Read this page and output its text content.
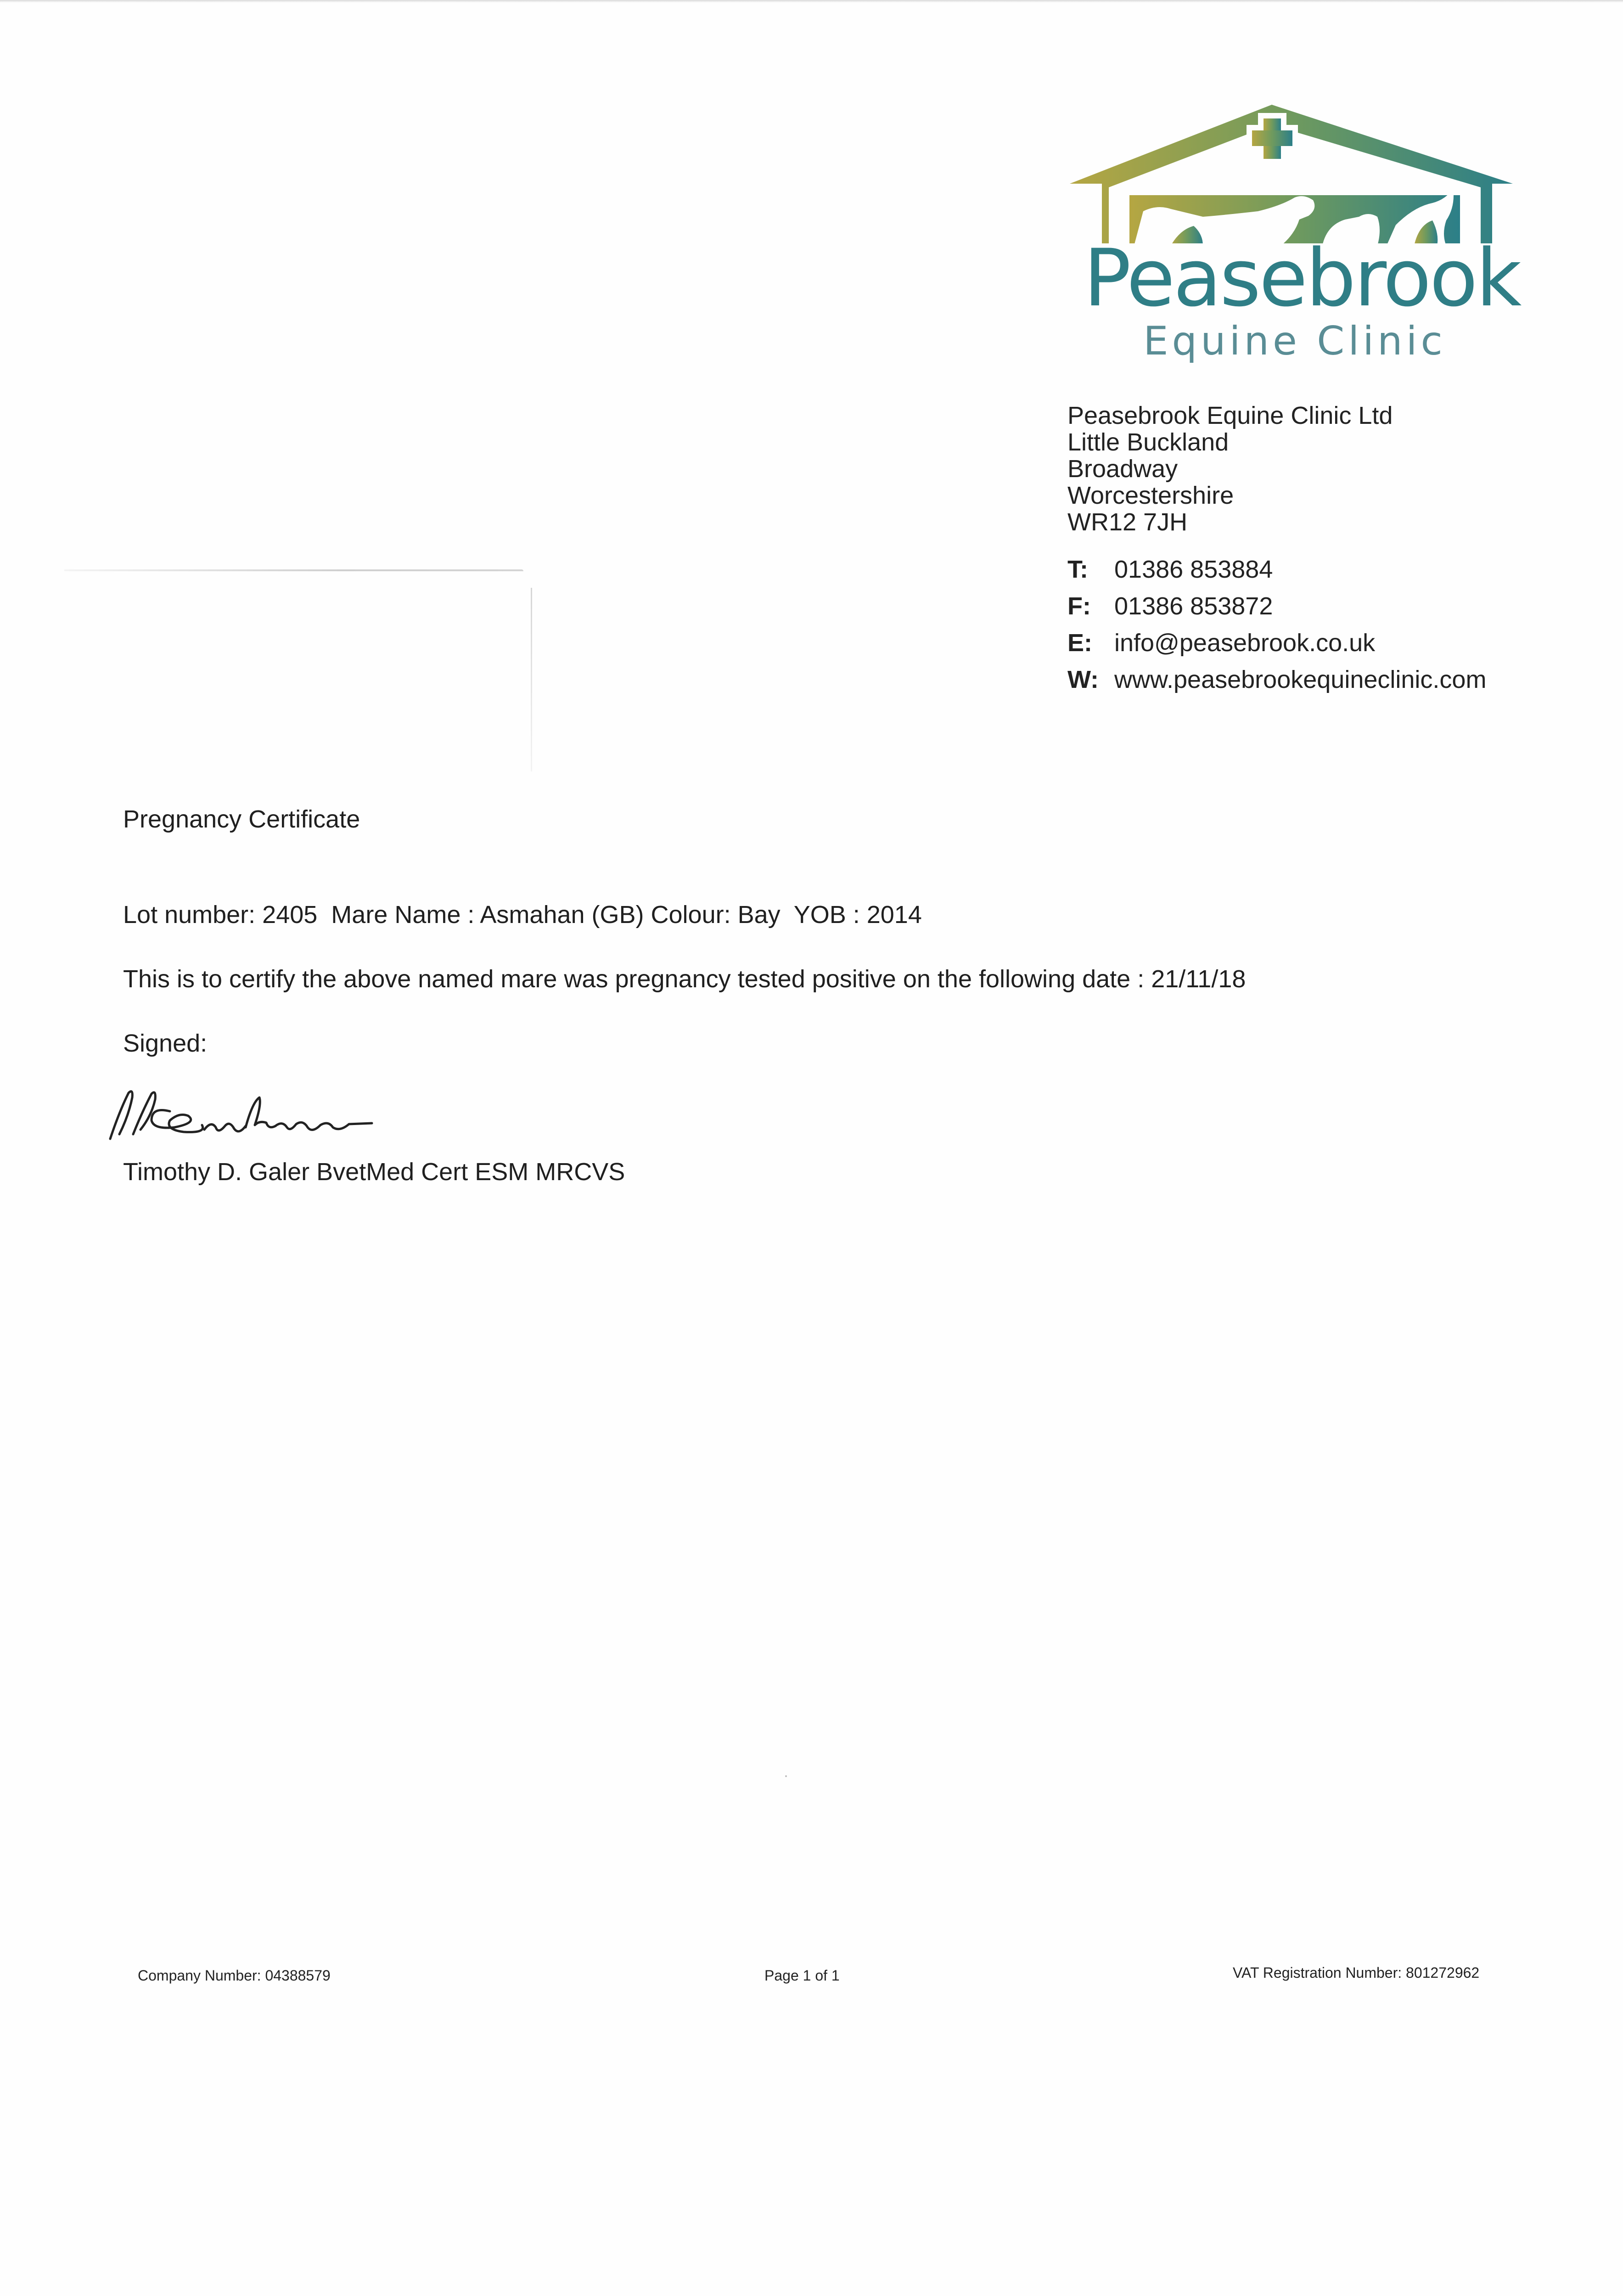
Peasebrook
Equine Clinic
Peasebrook Equine Clinic Ltd
Little Buckland
Broadway
Worcestershire
WR12 7JH
T: 01386 853884
F: 01386 853872
E: info@peasebrook.co.uk
W: www.peasebrookequineclinic.com
Pregnancy Certificate
Lot number: 2405  Mare Name : Asmahan (GB) Colour: Bay  YOB : 2014
This is to certify the above named mare was pregnancy tested positive on the following date : 21/11/18
Signed:
Timothy D. Galer BvetMed Cert ESM MRCVS
Company Number: 04388579	Page 1 of 1	VAT Registration Number: 801272962
